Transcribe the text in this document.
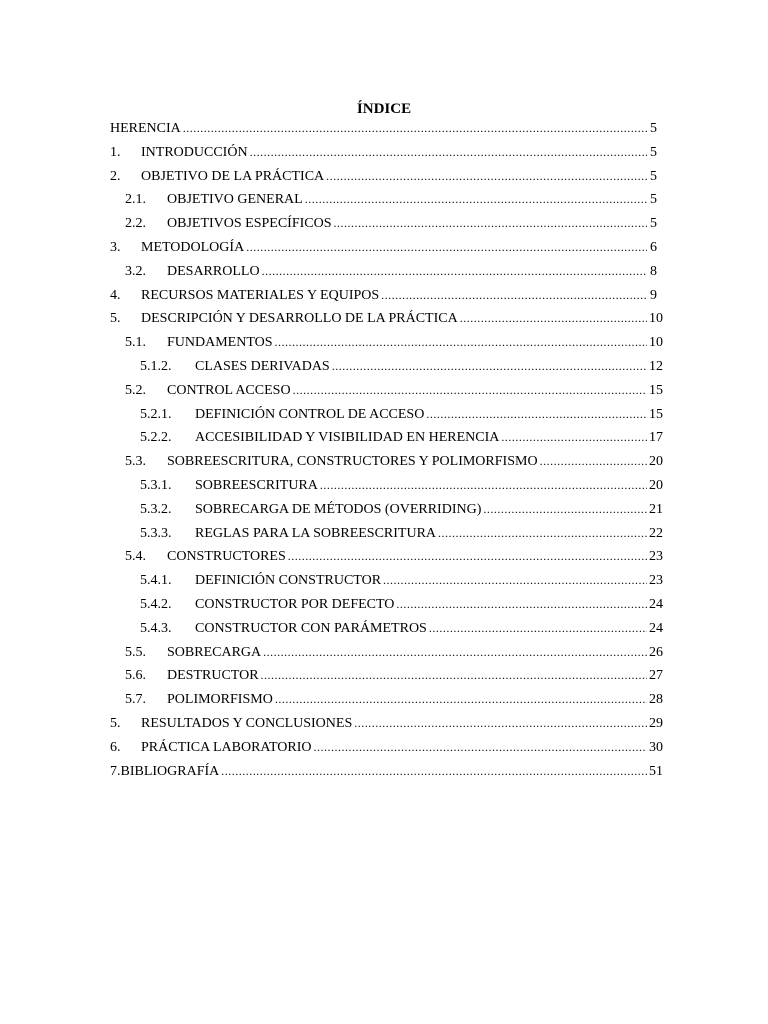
ÍNDICE
HERENCIA .....	5
1. INTRODUCCIÓN .....	5
2. OBJETIVO DE LA PRÁCTICA .....	5
2.1. OBJETIVO GENERAL .....	5
2.2. OBJETIVOS ESPECÍFICOS .....	5
3. METODOLOGÍA .....	6
3.2. DESARROLLO .....	8
4. RECURSOS MATERIALES Y EQUIPOS .....	9
5. DESCRIPCIÓN Y DESARROLLO DE LA PRÁCTICA .....	10
5.1. FUNDAMENTOS .....	10
5.1.2. CLASES DERIVADAS .....	12
5.2. CONTROL ACCESO .....	15
5.2.1. DEFINICIÓN CONTROL DE ACCESO .....	15
5.2.2. ACCESIBILIDAD Y VISIBILIDAD EN HERENCIA .....	17
5.3. SOBREESCRITURA, CONSTRUCTORES Y POLIMORFISMO .....	20
5.3.1. SOBREESCRITURA .....	20
5.3.2. SOBRECARGA DE MÉTODOS (OVERRIDING) .....	21
5.3.3. REGLAS PARA LA SOBREESCRITURA .....	22
5.4. CONSTRUCTORES .....	23
5.4.1. DEFINICIÓN CONSTRUCTOR .....	23
5.4.2. CONSTRUCTOR POR DEFECTO .....	24
5.4.3. CONSTRUCTOR CON PARÁMETROS .....	24
5.5. SOBRECARGA .....	26
5.6. DESTRUCTOR .....	27
5.7. POLIMORFISMO .....	28
5. RESULTADOS Y CONCLUSIONES .....	29
6. PRÁCTICA LABORATORIO .....	30
7.BIBLIOGRAFÍA .....	51
